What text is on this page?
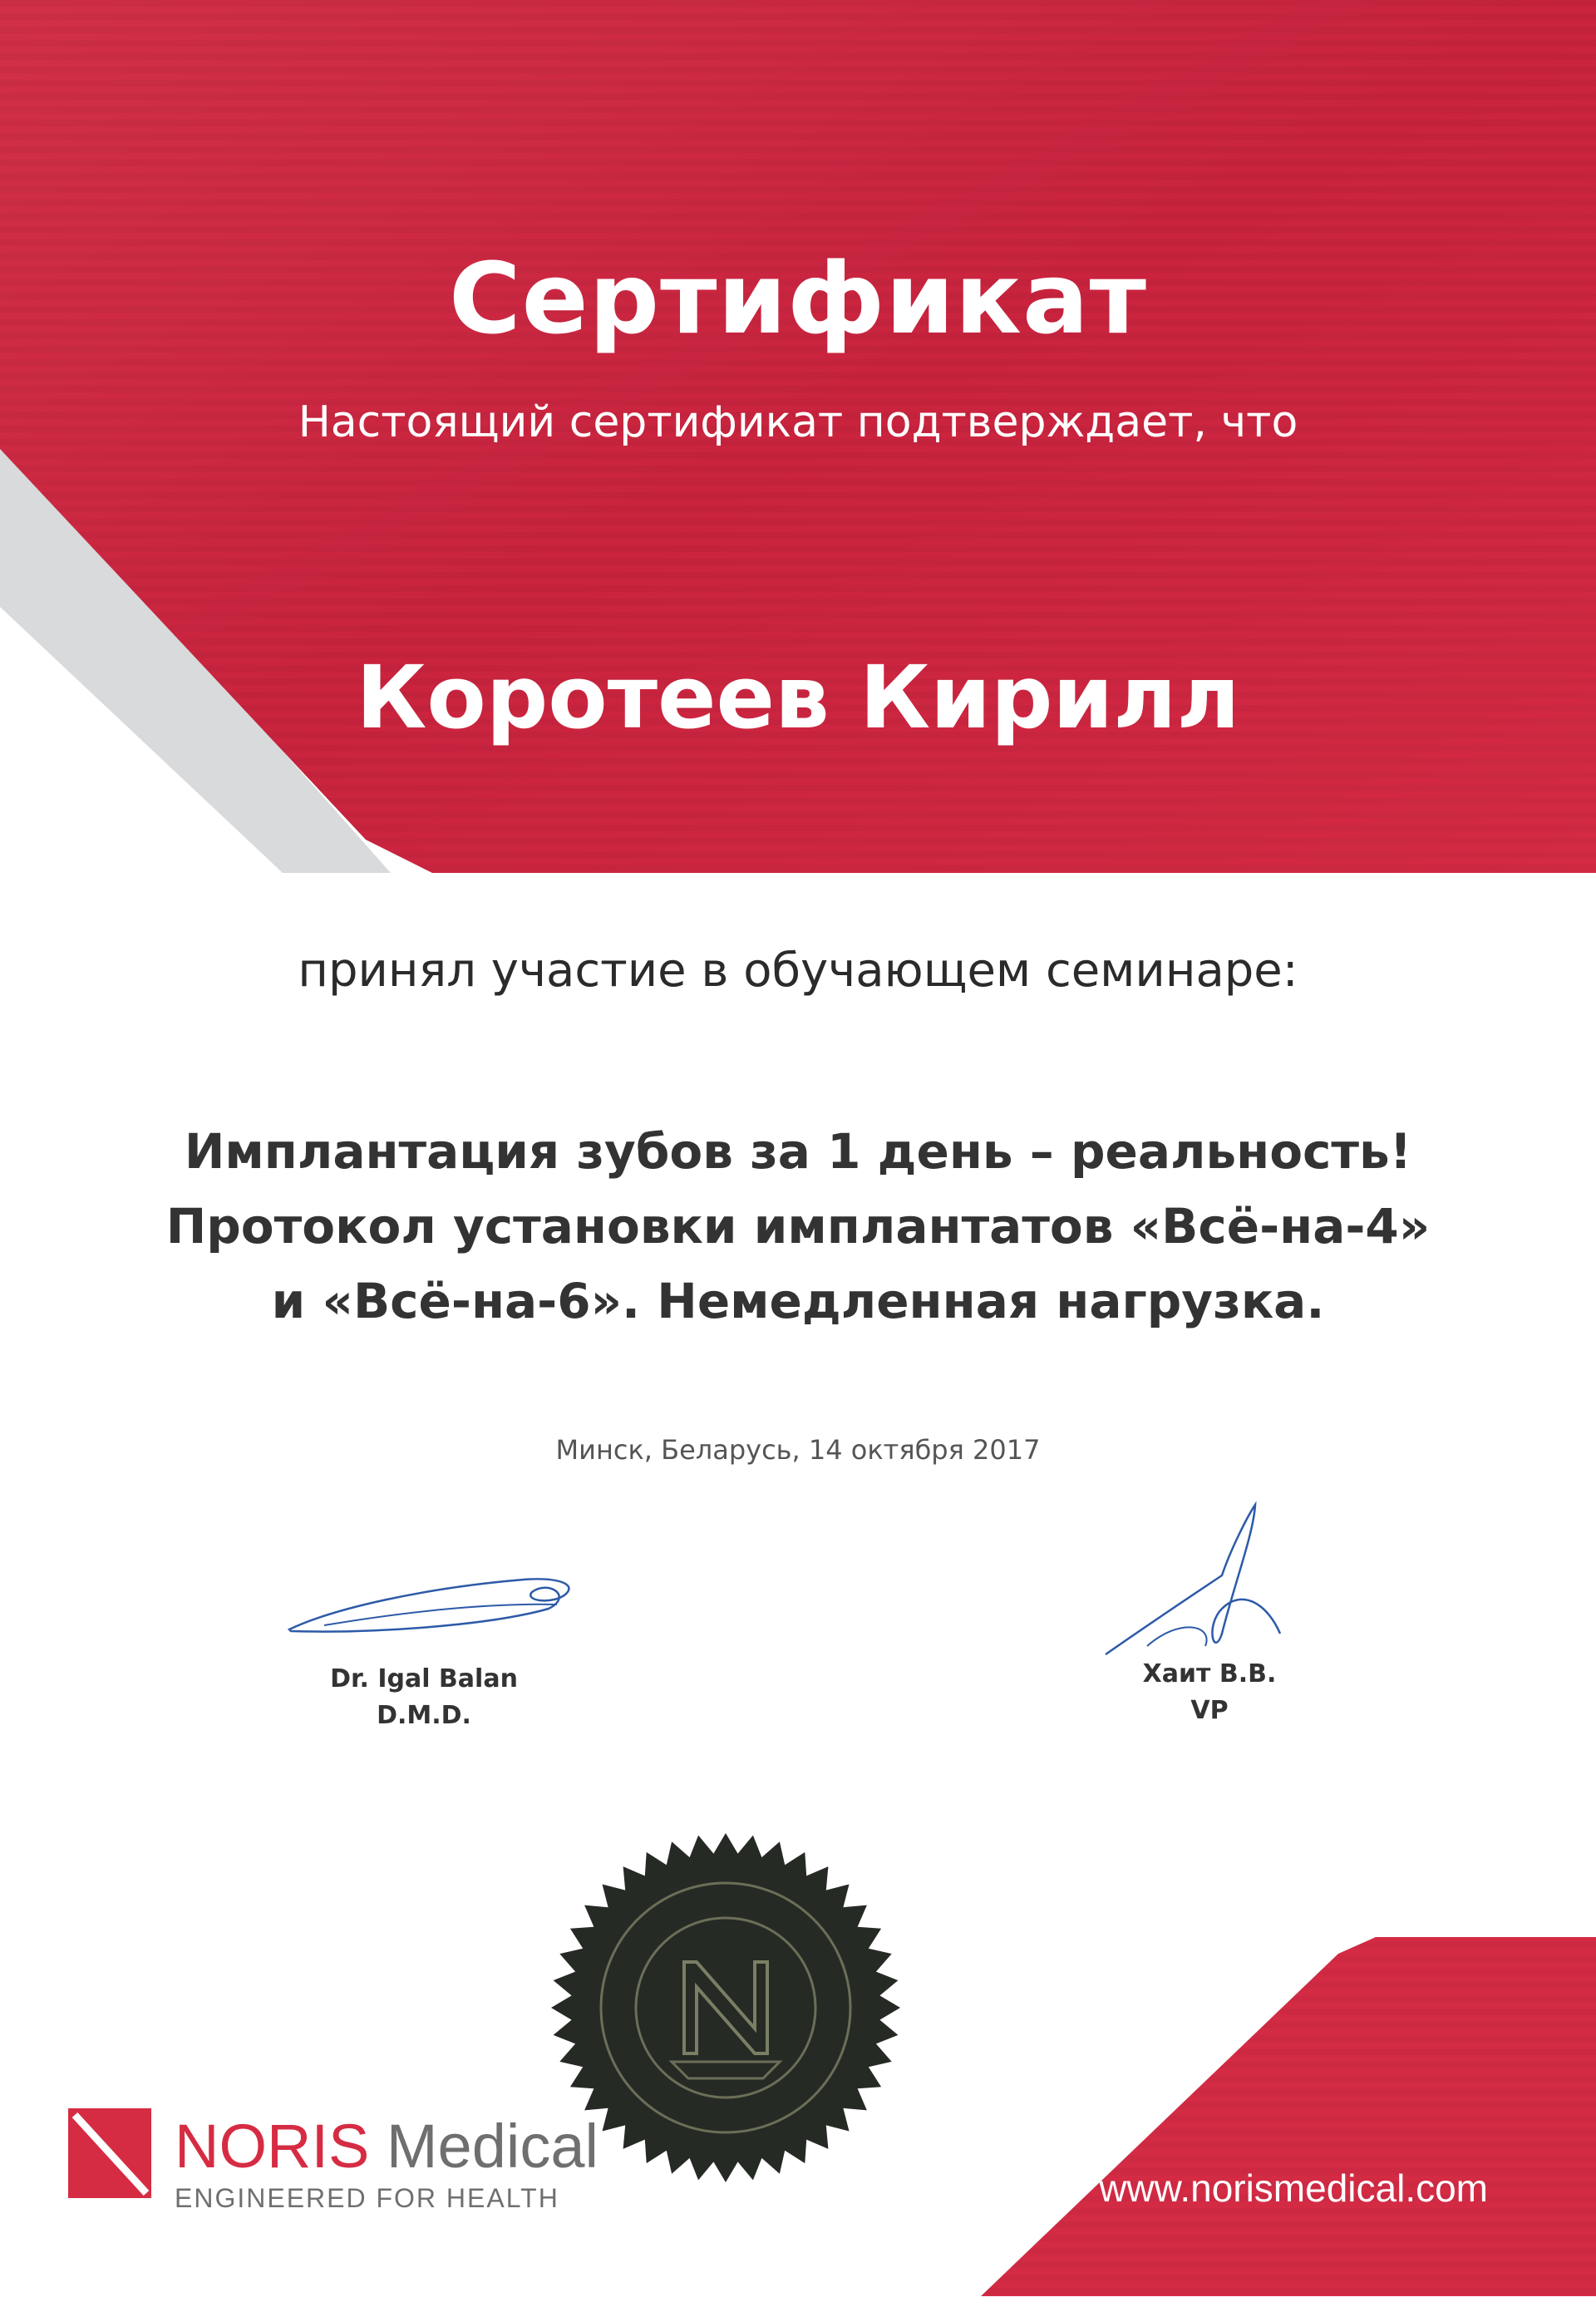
Сертификат
Настоящий сертификат подтверждает, что
Коротеев Кирилл
принял участие в обучающем семинаре:
Имплантация зубов за 1 день – реальность!
Протокол установки имплантатов «Всё-на-4»
и «Всё-на-6». Немедленная нагрузка.
Минск, Беларусь, 14 октября 2017
Dr. Igal Balan
D.M.D.
Хаит В.В.
VP
NORIS Medical
ENGINEERED FOR HEALTH	www.norismedical.com
